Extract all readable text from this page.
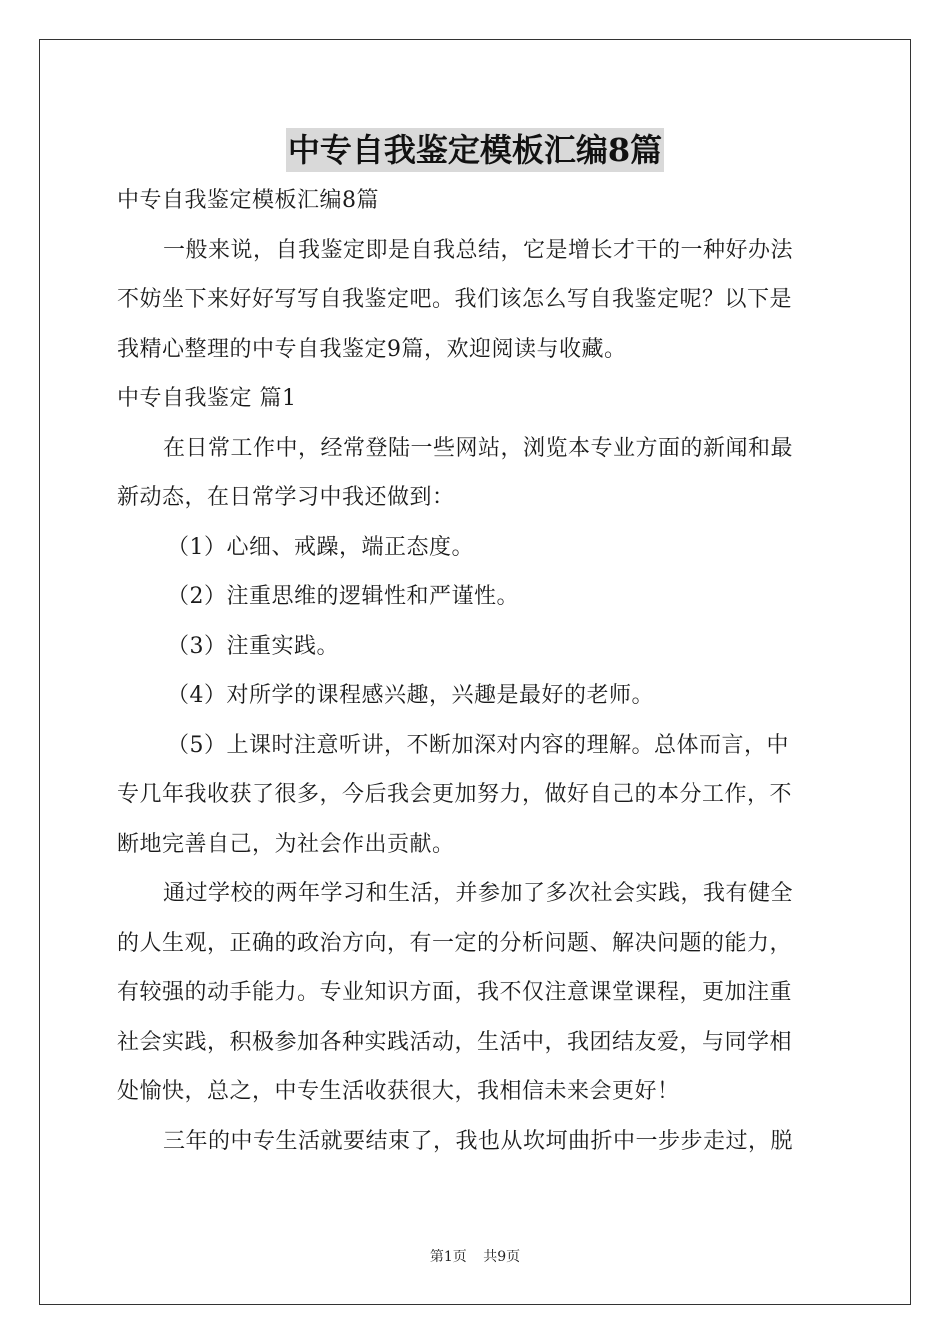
中专自我鉴定模板汇编8篇
中专自我鉴定模板汇编8篇
一般来说，自我鉴定即是自我总结，它是增长才干的一种好办法
不妨坐下来好好写写自我鉴定吧。我们该怎么写自我鉴定呢？以下是
我精心整理的中专自我鉴定9篇，欢迎阅读与收藏。
中专自我鉴定 篇1
在日常工作中，经常登陆一些网站，浏览本专业方面的新闻和最
新动态，在日常学习中我还做到：
（1）心细、戒躁，端正态度。
（2）注重思维的逻辑性和严谨性。
（3）注重实践。
（4）对所学的课程感兴趣，兴趣是最好的老师。
（5）上课时注意听讲，不断加深对内容的理解。总体而言，中
专几年我收获了很多，今后我会更加努力，做好自己的本分工作，不
断地完善自己，为社会作出贡献。
通过学校的两年学习和生活，并参加了多次社会实践，我有健全
的人生观，正确的政治方向，有一定的分析问题、解决问题的能力，
有较强的动手能力。专业知识方面，我不仅注意课堂课程，更加注重
社会实践，积极参加各种实践活动，生活中，我团结友爱，与同学相
处愉快，总之，中专生活收获很大，我相信未来会更好！
三年的中专生活就要结束了，我也从坎坷曲折中一步步走过，脱
第1页 共9页
